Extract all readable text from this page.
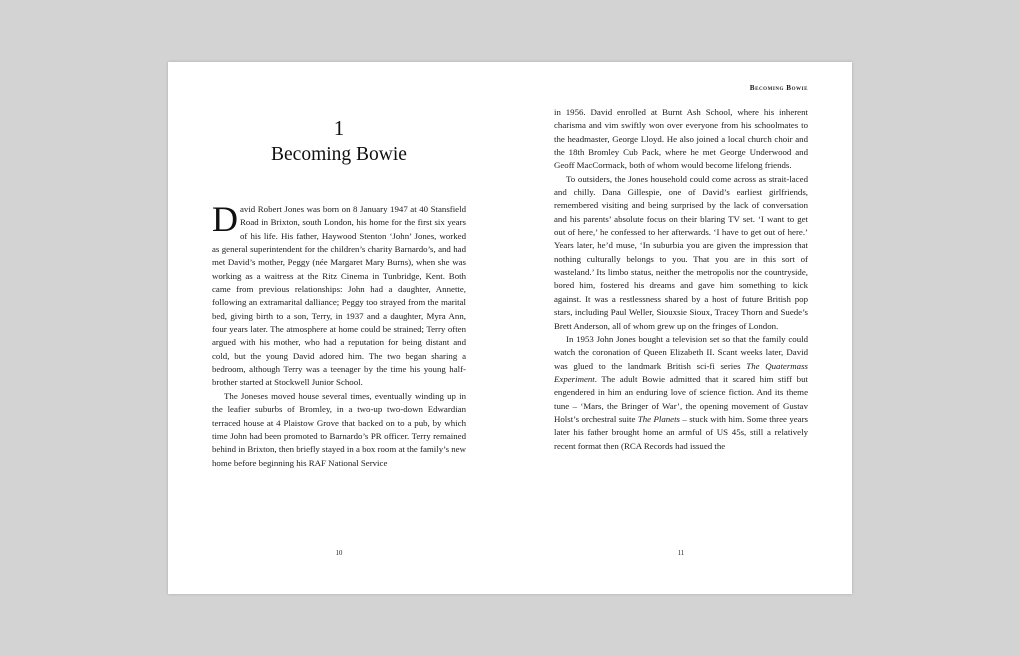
1
Becoming Bowie

David Robert Jones was born on 8 January 1947 at 40 Stansfield Road in Brixton, south London, his home for the first six years of his life. His father, Haywood Stenton ‘John’ Jones, worked as general superintendent for the children’s charity Barnardo’s, and had met David’s mother, Peggy (née Margaret Mary Burns), when she was working as a waitress at the Ritz Cinema in Tunbridge, Kent. Both came from previous relationships: John had a daughter, Annette, following an extramarital dalliance; Peggy too strayed from the marital bed, giving birth to a son, Terry, in 1937 and a daughter, Myra Ann, four years later. The atmosphere at home could be strained; Terry often argued with his mother, who had a reputation for being distant and cold, but the young David adored him. The two began sharing a bedroom, although Terry was a teenager by the time his young half-brother started at Stockwell Junior School.

The Joneses moved house several times, eventually winding up in the leafier suburbs of Bromley, in a two-up two-down Edwardian terraced house at 4 Plaistow Grove that backed on to a pub, by which time John had been promoted to Barnardo’s PR officer. Terry remained behind in Brixton, then briefly stayed in a box room at the family’s new home before beginning his RAF National Service

10
Becoming Bowie

in 1956. David enrolled at Burnt Ash School, where his inherent charisma and vim swiftly won over everyone from his schoolmates to the headmaster, George Lloyd. He also joined a local church choir and the 18th Bromley Cub Pack, where he met George Underwood and Geoff MacCormack, both of whom would become lifelong friends.

To outsiders, the Jones household could come across as strait-laced and chilly. Dana Gillespie, one of David’s earliest girlfriends, remembered visiting and being surprised by the lack of conversation and his parents’ absolute focus on their blaring TV set. ‘I want to get out of here,’ he confessed to her afterwards. ‘I have to get out of here.’ Years later, he’d muse, ‘In suburbia you are given the impression that nothing culturally belongs to you. That you are in this sort of wasteland.’ Its limbo status, neither the metropolis nor the countryside, bored him, fostered his dreams and gave him something to kick against. It was a restlessness shared by a host of future British pop stars, including Paul Weller, Siouxsie Sioux, Tracey Thorn and Suede’s Brett Anderson, all of whom grew up on the fringes of London.

In 1953 John Jones bought a television set so that the family could watch the coronation of Queen Elizabeth II. Scant weeks later, David was glued to the landmark British sci-fi series The Quatermass Experiment. The adult Bowie admitted that it scared him stiff but engendered in him an enduring love of science fiction. And its theme tune – ‘Mars, the Bringer of War’, the opening movement of Gustav Holst’s orchestral suite The Planets – stuck with him. Some three years later his father brought home an armful of US 45s, still a relatively recent format then (RCA Records had issued the

11
